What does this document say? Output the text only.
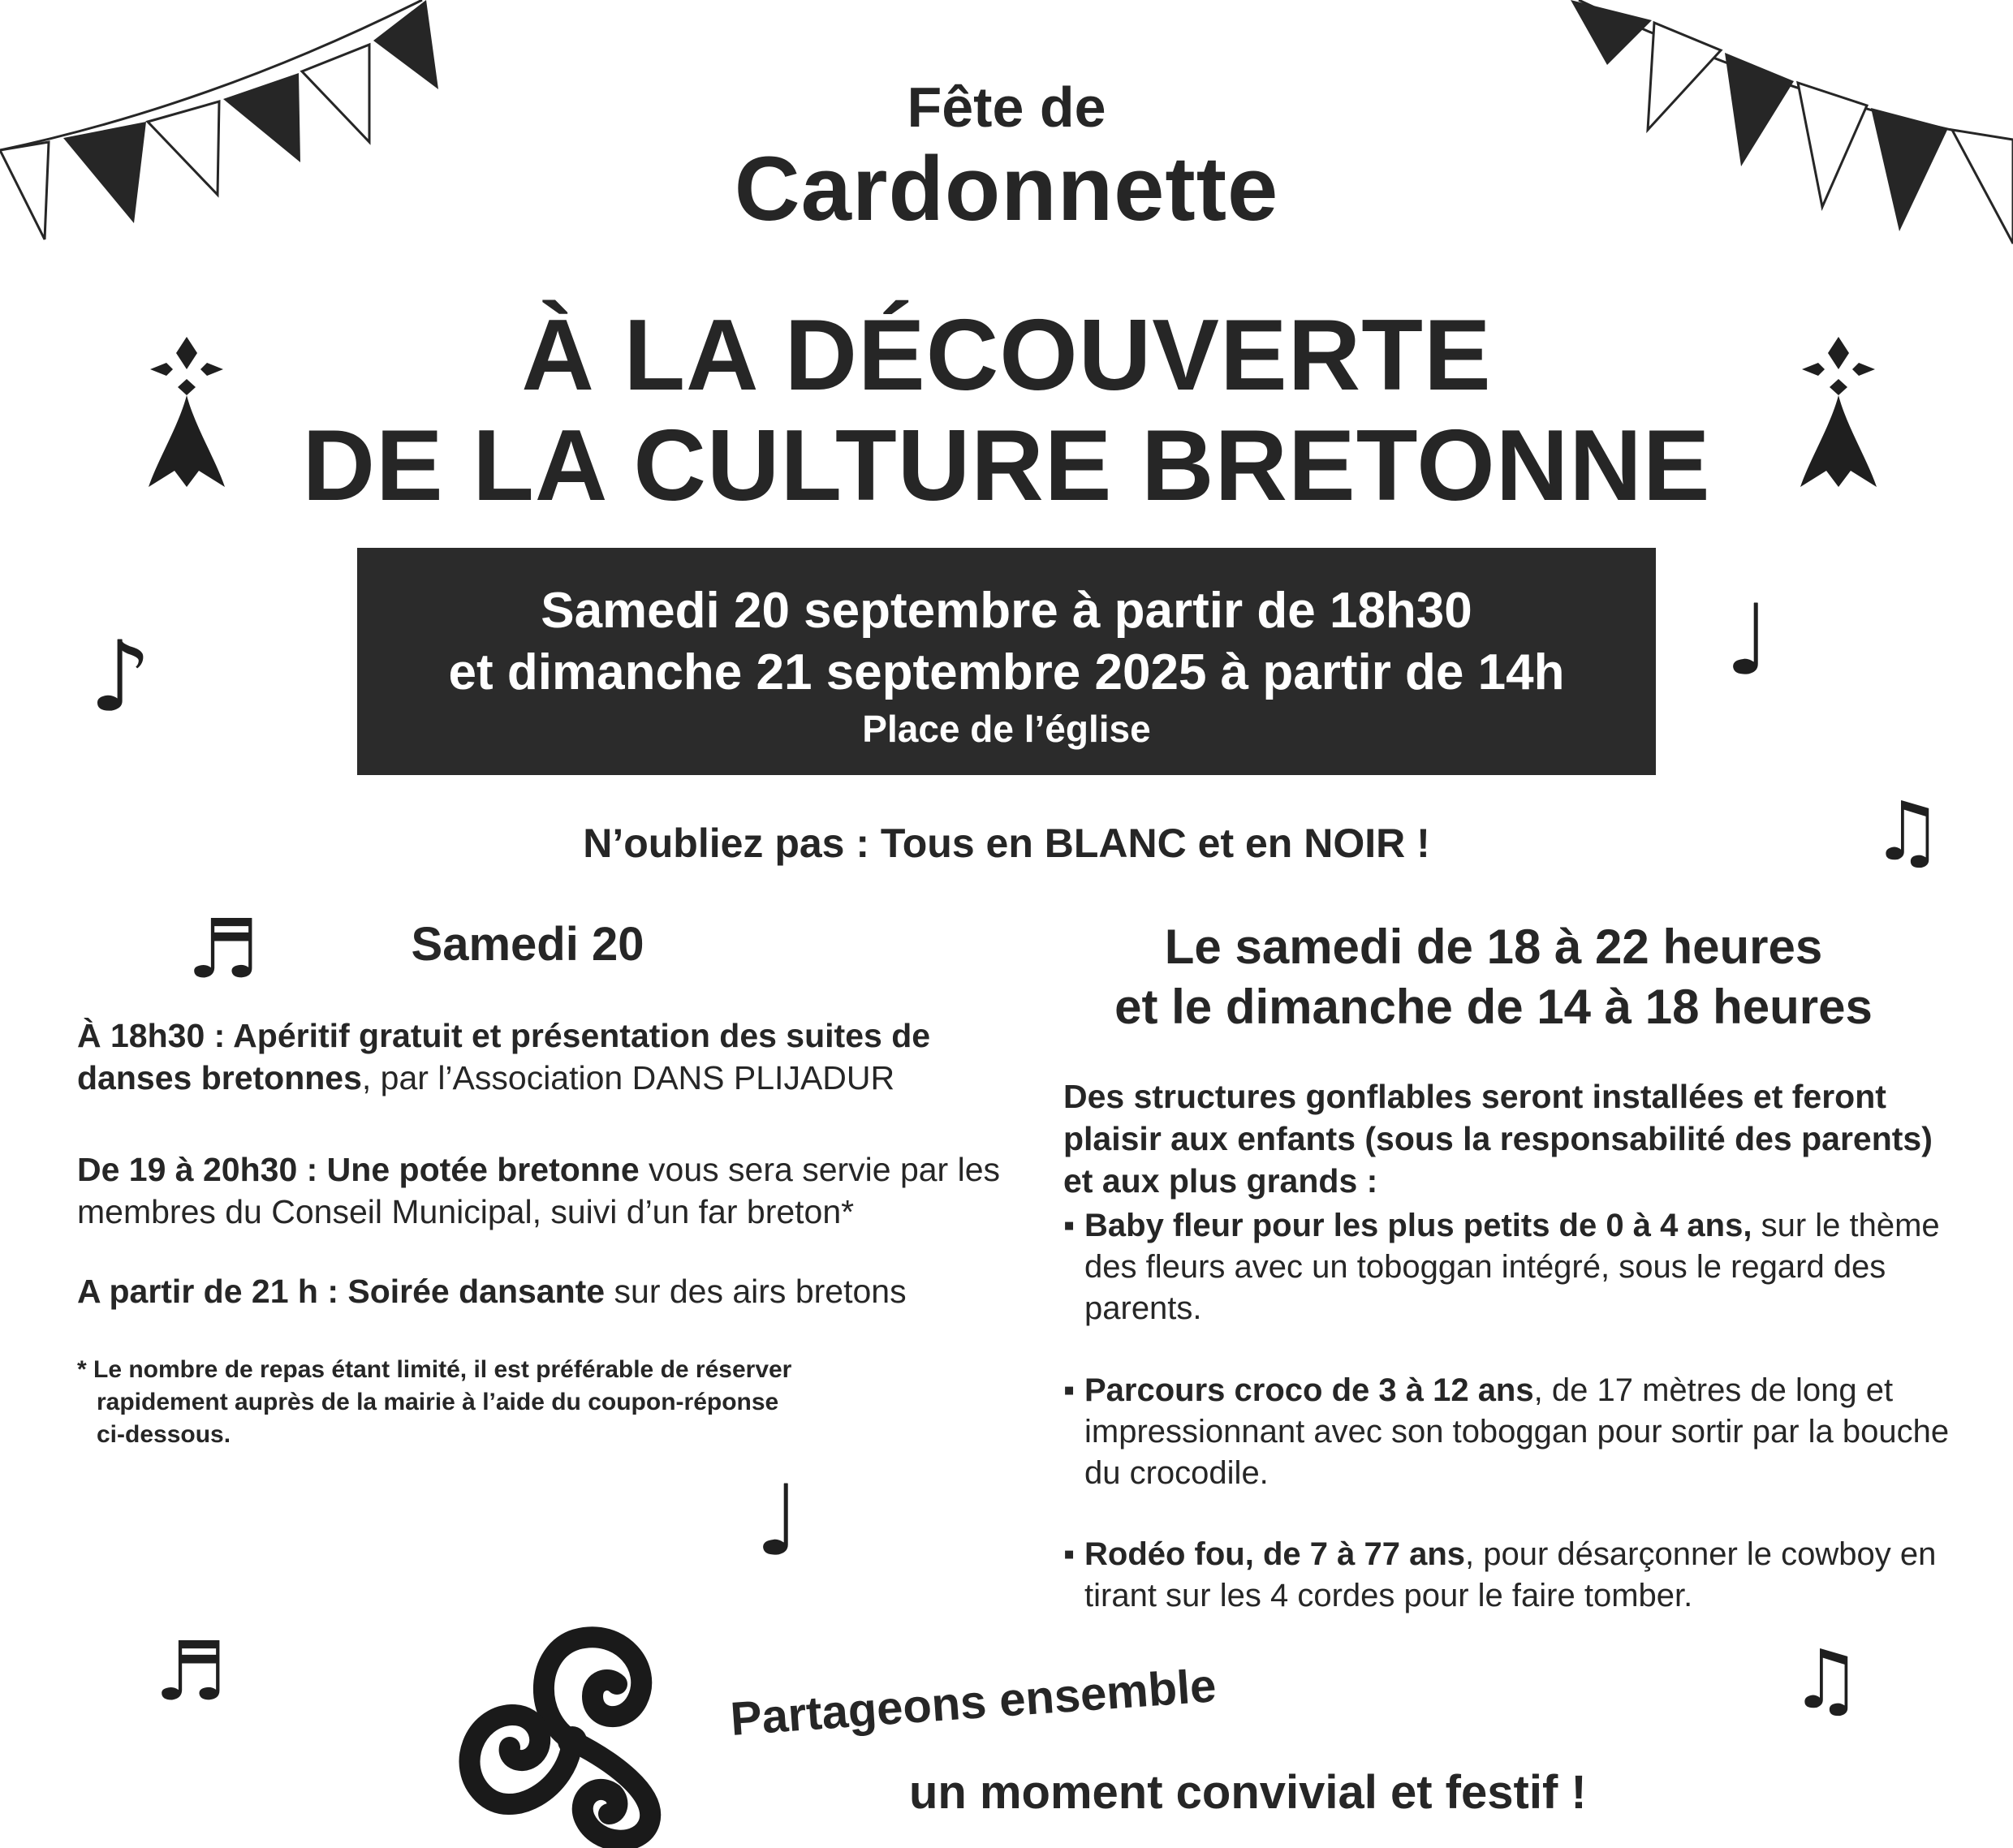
Fête de
Cardonnette
À LA DÉCOUVERTE
DE LA CULTURE BRETONNE
Samedi 20 septembre à partir de 18h30
et dimanche 21 septembre 2025 à partir de 14h
Place de l’église
N’oubliez pas : Tous en BLANC et en NOIR !
Samedi 20
À 18h30 : Apéritif gratuit et présentation des suites de danses bretonnes, par l’Association DANS PLIJADUR
De 19 à 20h30 : Une potée bretonne vous sera servie par les membres du Conseil Municipal, suivi d’un far breton*
A partir de 21 h : Soirée dansante sur des airs bretons
* Le nombre de repas étant limité, il est préférable de réserver
rapidement auprès de la mairie à l’aide du coupon-réponse
ci-dessous.
Le samedi de 18 à 22 heures
et le dimanche de 14 à 18 heures
Des structures gonflables seront installées et feront plaisir aux enfants (sous la responsabilité des parents) et aux plus grands :
▪ Baby fleur pour les plus petits de 0 à 4 ans, sur le thème des fleurs avec un toboggan intégré, sous le regard des parents.
▪ Parcours croco de 3 à 12 ans, de 17 mètres de long et impressionnant avec son toboggan pour sortir par la bouche du crocodile.
▪ Rodéo fou, de 7 à 77 ans, pour désarçonner le cowboy en tirant sur les 4 cordes pour le faire tomber.
♪	♩
♫
♬
♩
♬	♫
Partageons ensemble
un moment convivial et festif !
